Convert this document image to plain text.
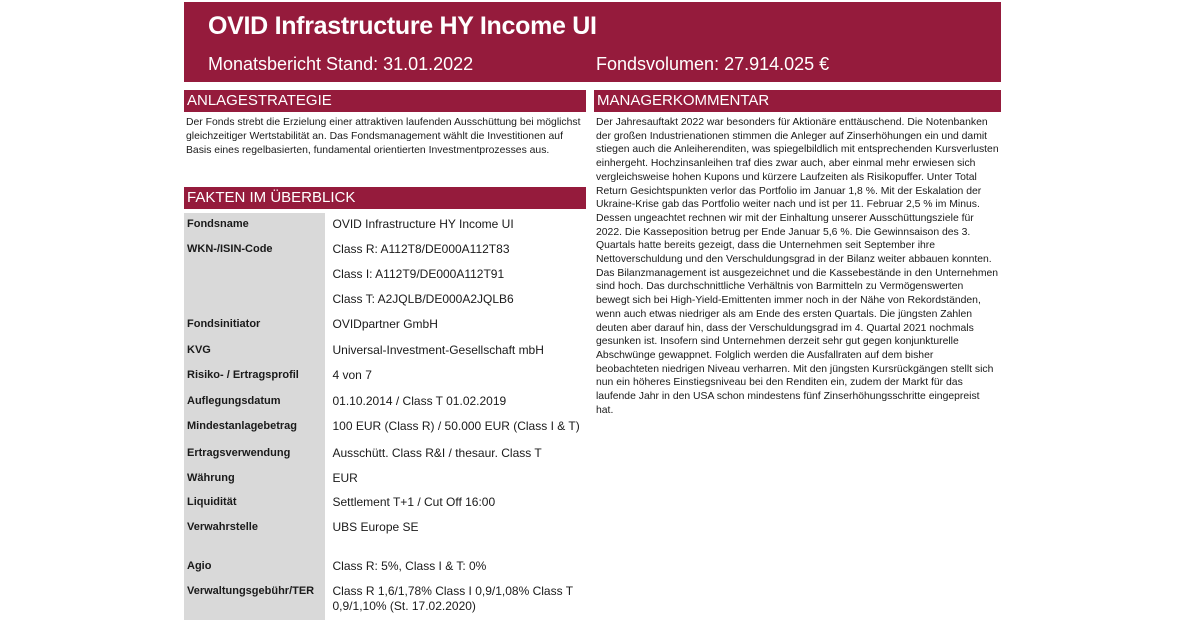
OVID Infrastructure HY Income UI
Monatsbericht Stand: 31.01.2022	Fondsvolumen: 27.914.025 €
ANLAGESTRATEGIE
Der Fonds strebt die Erzielung einer attraktiven laufenden Ausschüttung bei möglichst gleichzeitiger Wertstabilität an. Das Fondsmanagement wählt die Investitionen auf Basis eines regelbasierten, fundamental orientierten Investmentprozesses aus.
FAKTEN IM ÜBERBLICK
Fondsname	OVID Infrastructure HY Income UI
WKN-/ISIN-Code	Class R: A112T8/DE000A112T83
	Class I: A112T9/DE000A112T91
	Class T: A2JQLB/DE000A2JQLB6
Fondsinitiator	OVIDpartner GmbH
KVG	Universal-Investment-Gesellschaft mbH
Risiko- / Ertragsprofil	4 von 7
Auflegungsdatum	01.10.2014 / Class T 01.02.2019
Mindestanlagebetrag	100 EUR (Class R) / 50.000 EUR (Class I & T)
Ertragsverwendung	Ausschütt. Class R&I / thesaur. Class T
Währung	EUR
Liquidität	Settlement T+1 / Cut Off 16:00
Verwahrstelle	UBS Europe SE
Agio	Class R: 5%, Class I & T: 0%
Verwaltungsgebühr/TER	Class R 1,6/1,78% Class I 0,9/1,08% Class T 0,9/1,10% (St. 17.02.2020)
MANAGERKOMMENTAR
Der Jahresauftakt 2022 war besonders für Aktionäre enttäuschend. Die Notenbanken der großen Industrienationen stimmen die Anleger auf Zinserhöhungen ein und damit stiegen auch die Anleiherenditen, was spiegelbildlich mit entsprechenden Kursverlusten einhergeht. Hochzinsanleihen traf dies zwar auch, aber einmal mehr erwiesen sich vergleichsweise hohen Kupons und kürzere Laufzeiten als Risikopuffer. Unter Total Return Gesichtspunkten verlor das Portfolio im Januar 1,8 %. Mit der Eskalation der Ukraine-Krise gab das Portfolio weiter nach und ist per 11. Februar 2,5 % im Minus. Dessen ungeachtet rechnen wir mit der Einhaltung unserer Ausschüttungsziele für 2022. Die Kasseposition betrug per Ende Januar 5,6 %. Die Gewinnsaison des 3. Quartals hatte bereits gezeigt, dass die Unternehmen seit September ihre Nettoverschuldung und den Verschuldungsgrad in der Bilanz weiter abbauen konnten. Das Bilanzmanagement ist ausgezeichnet und die Kassebestände in den Unternehmen sind hoch. Das durchschnittliche Verhältnis von Barmitteln zu Vermögenswerten bewegt sich bei High-Yield-Emittenten immer noch in der Nähe von Rekordständen, wenn auch etwas niedriger als am Ende des ersten Quartals. Die jüngsten Zahlen deuten aber darauf hin, dass der Verschuldungsgrad im 4. Quartal 2021 nochmals gesunken ist. Insofern sind Unternehmen derzeit sehr gut gegen konjunkturelle Abschwünge gewappnet. Folglich werden die Ausfallraten auf dem bisher beobachteten niedrigen Niveau verharren. Mit den jüngsten Kursrückgängen stellt sich nun ein höheres Einstiegsniveau bei den Renditen ein, zudem der Markt für das laufende Jahr in den USA schon mindestens fünf Zinserhöhungsschritte eingepreist hat.
